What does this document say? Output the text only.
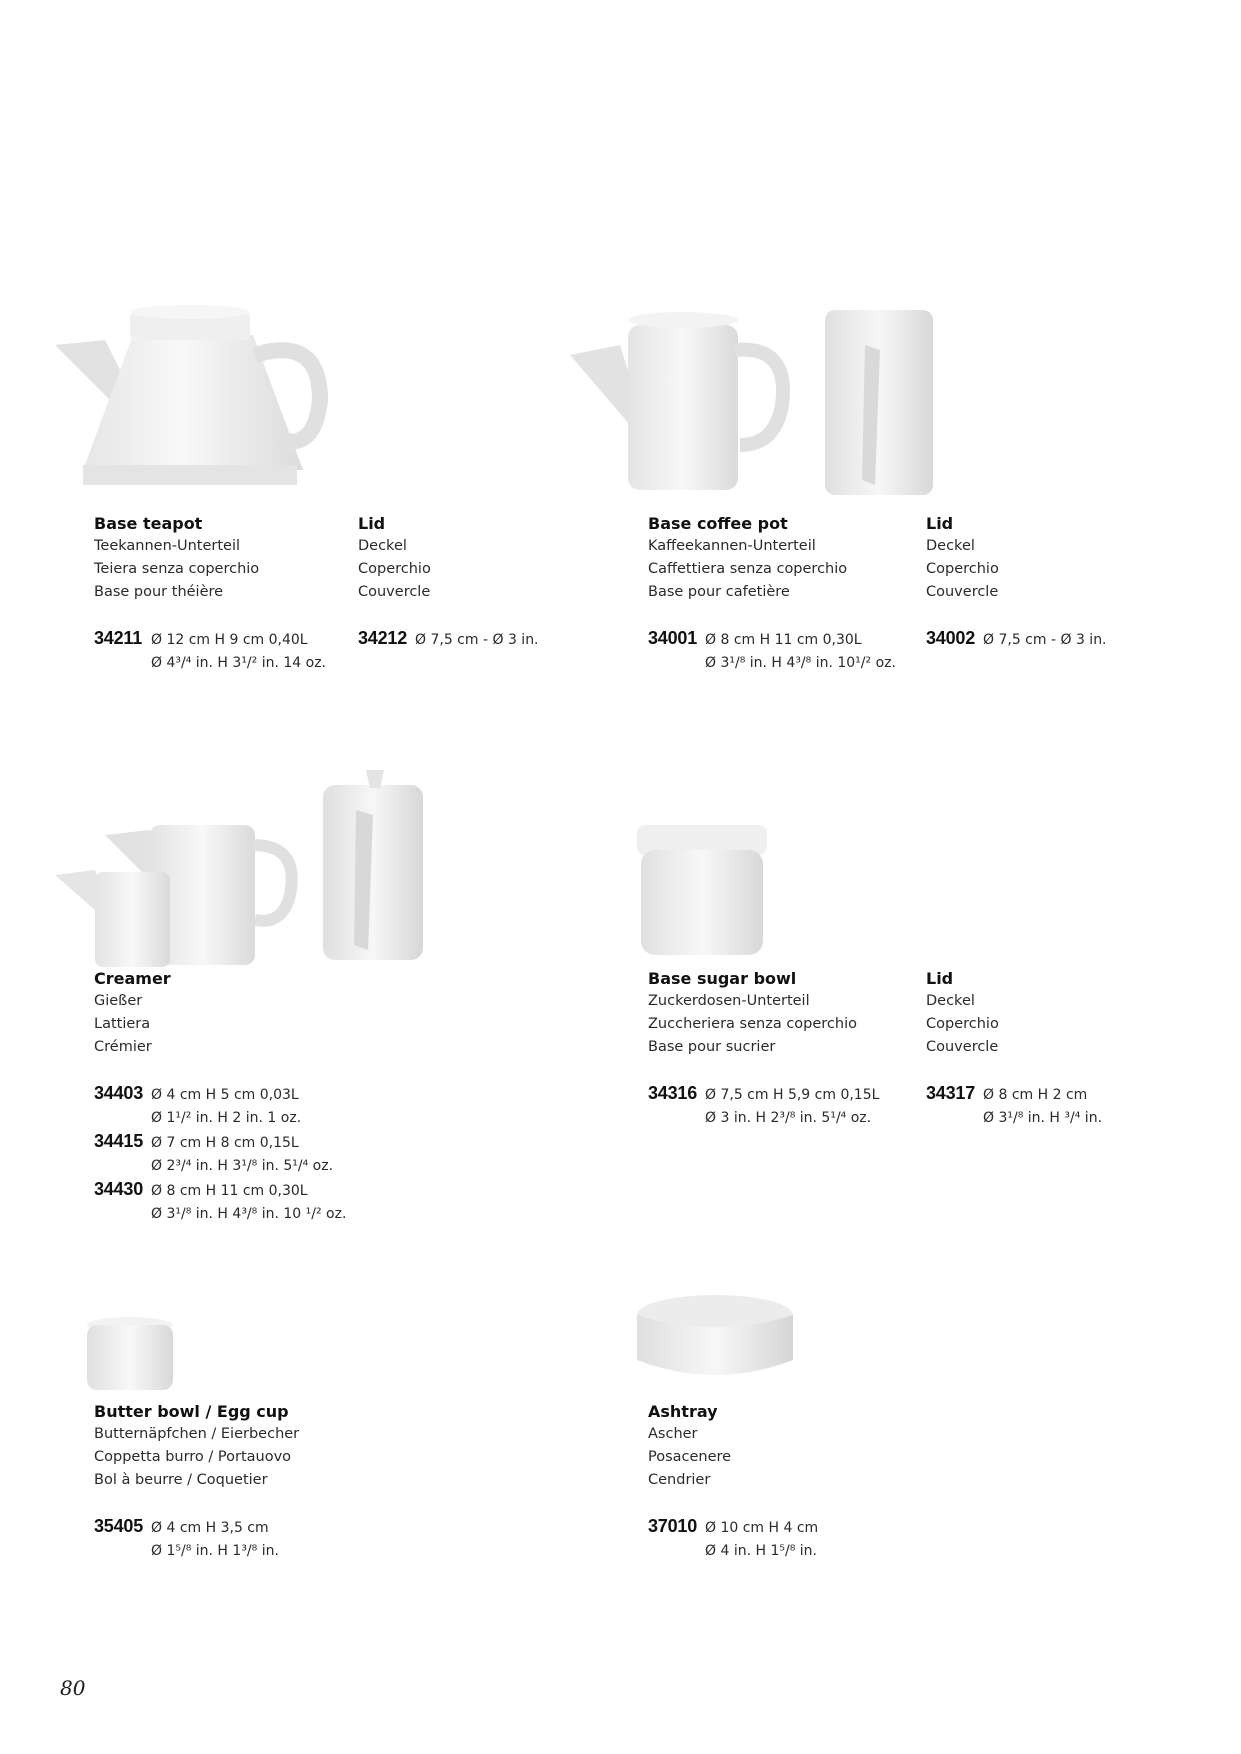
Base teapot

Teekannen-Unterteil

Teiera senza coperchio

Base pour théière

34211 Ø 12 cm H 9 cm 0,40L
Ø 4³/⁴ in. H 3¹/² in. 14 oz.

Lid

Deckel

Coperchio

Couvercle

34212 Ø 7,5 cm - Ø 3 in.

Base coffee pot

Kaffeekannen-Unterteil

Caffettiera senza coperchio

Base pour cafetière

34001 Ø 8 cm H 11 cm 0,30L
Ø 3¹/⁸ in. H 4³/⁸ in. 10¹/² oz.

Lid

Deckel

Coperchio

Couvercle

34002 Ø 7,5 cm - Ø 3 in.

Creamer

Gießer

Lattiera

Crémier

34403 Ø 4 cm H 5 cm 0,03L
Ø 1¹/² in. H 2 in. 1 oz.
34415 Ø 7 cm H 8 cm 0,15L
Ø 2³/⁴ in. H 3¹/⁸ in. 5¹/⁴ oz.
34430 Ø 8 cm H 11 cm 0,30L
Ø 3¹/⁸ in. H 4³/⁸ in. 10 ¹/² oz.

Base sugar bowl

Zuckerdosen-Unterteil

Zuccheriera senza coperchio

Base pour sucrier

34316 Ø 7,5 cm H 5,9 cm 0,15L
Ø 3 in. H 2³/⁸ in. 5¹/⁴ oz.

Lid

Deckel

Coperchio

Couvercle

34317 Ø 8 cm H 2 cm
Ø 3¹/⁸ in. H ³/⁴ in.

Butter bowl / Egg cup

Butternäpfchen / Eierbecher

Coppetta burro / Portauovo

Bol à beurre / Coquetier

35405 Ø 4 cm H 3,5 cm
Ø 1⁵/⁸ in. H 1³/⁸ in.

Ashtray

Ascher

Posacenere

Cendrier

37010 Ø 10 cm H 4 cm
Ø 4 in. H 1⁵/⁸ in.
80
